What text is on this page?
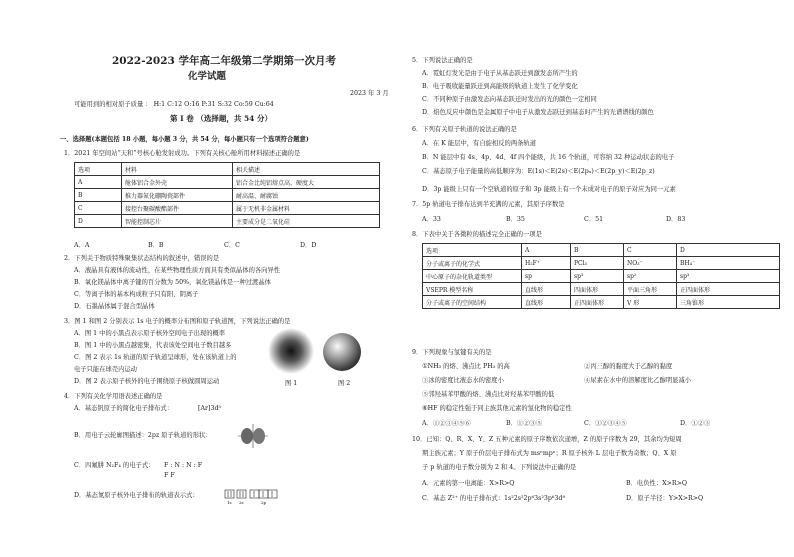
2022-2023 学年高二年级第二学期第一次月考
化学试题
2023 年 3 月
可能用到的相对原子质量 ： H:1 C:12 O:16 P:31 S:32 Co:59 Cu:64
第 I 卷 （选择题，共 54 分）
一、选择题(本题包括 18 小题，每小题 3 分，共 54 分，每小题只有一个选项符合题意)
1．2021 年空间站“天和”号核心舱发射成功。下列有关核心舱所用材料描述正确的是
选项	材料	相关描述
A	舱体铝合金外壳	铝合金比纯铝熔点高、硬度大
B	推力器氮化硼陶瓷部件	耐高温、耐腐蚀
C	接控台聚碳酸酯部件	属于无机非金属材料
D	智能控制芯片	主要成分是二氧化硅
A．A	B．B	C．C	D．D
2．下列关于物质特殊聚集状态结构的叙述中，错误的是
A．液晶具有液体的流动性，在某些物理性质方面具有类似晶体的各向异性
B．氧化镁晶体中离子键的百分数为 50%，氧化镁晶体是一种过渡晶体
C．等离子体的基本构成粒子只有阳、阴离子
D．石墨晶体属于混合型晶体
3．图 1 和图 2 分别表示 1s 电子的概率分布图和原子轨道图，下列说法正确的是
A．图 1 中的小黑点表示原子核外空间电子出现的概率
B．图 1 中的小黑点越密集，代表该处空间电子数目越多
C．图 2 表示 1s 轨道的原子轨道呈球形，处在该轨道上的
电子只能在球壳内运动
D．图 2 表示原子核外的电子围绕原子核做圆周运动	图 1	图 2
4．下列有关化学用语表述正确的是
A．基态钒原子的简化电子排布式：	[Ar]3d⁵
B．用电子云轮廓图描述：2pz 原子轨道的形状：
C．四氟肼 N₂F₄ 的电子式： F : N : N : F
F F
D．基态氮原子核外电子排布的轨道表示式：
1s 2s	2p
5．下列说法正确的是
A．霓虹灯发光是由于电子从基态跃迁到激发态所产生的
B．电子吸收能量跃迁到高能级的轨道上发生了化学变化
C．不同种原子由激发态向基态跃迁时发出的光的颜色一定相同
D．焰色反应中颜色是金属原子中电子从激发态跃迁到基态时产生的光谱谱线的颜色
6．下列有关原子轨道的说法正确的是
A．在 K 能层中，有自旋相反的两条轨道
B．N 能层中有 4s、4p、4d、4f 四个能级，共 16 个轨道，可容纳 32 种运动状态的电子
C．基态原子电子能量的高低顺序为：E(1s)＜E(2s)＜E(2pₓ)＜E(2p_y)＜E(2p_z)
D．3p 能级上只有一个空轨道的原子和 3p 能级上有一个未成对电子的原子对应为同一元素
7．5p 轨道电子排布达到半充满的元素，其原子序数是
A．33	B．35	C．51	D．83
8．下表中关于各微粒的描述完全正确的一项是
选项	A	B	C	D
分子或离子的化学式	H₂F⁺	PCl₃	NO₃⁻	BH₄⁻
中心原子的杂化轨道类型	sp	sp³	sp²	sp³
VSEPR 模型名称	直线形	四面体形	平面三角形	正四面体形
分子或离子的空间结构	直线形	正四面体形	V 形	三角锥形
9．下列现象与氢键有关的是
①NH₃ 的熔、沸点比 PH₃ 的高	②丙三醇的黏度大于乙醇的黏度
③冰的密度比液态水的密度小	④尿素在水中的溶解度比乙醇明显减小
⑤邻羟基苯甲酸的熔、沸点比对羟基苯甲酸的低
⑥HF 的稳定性强于同主族其他元素的氢化物的稳定性
A．①②③④⑤⑥	B．①②③⑤	C．①②③④⑤	D．①②③
10．已知：Q、R、X、Y、Z 五种元素的原子序数依次递增，Z 的原子序数为 29，其余均为短周
期主族元素；Y 原子价层电子排布式为 msⁿmpⁿ；R 原子核外 L 层电子数为奇数；Q、X 原
子 p 轨道的电子数分别为 2 和 4。下列说法中正确的是
A．元素的第一电离能：X>R>Q	B．电负性：X>R>Q
C．基态 Z²⁺ 的电子排布式：1s²2s²2p⁶3s²3p⁶3d⁸	D．原子半径：Y>X>R>Q
